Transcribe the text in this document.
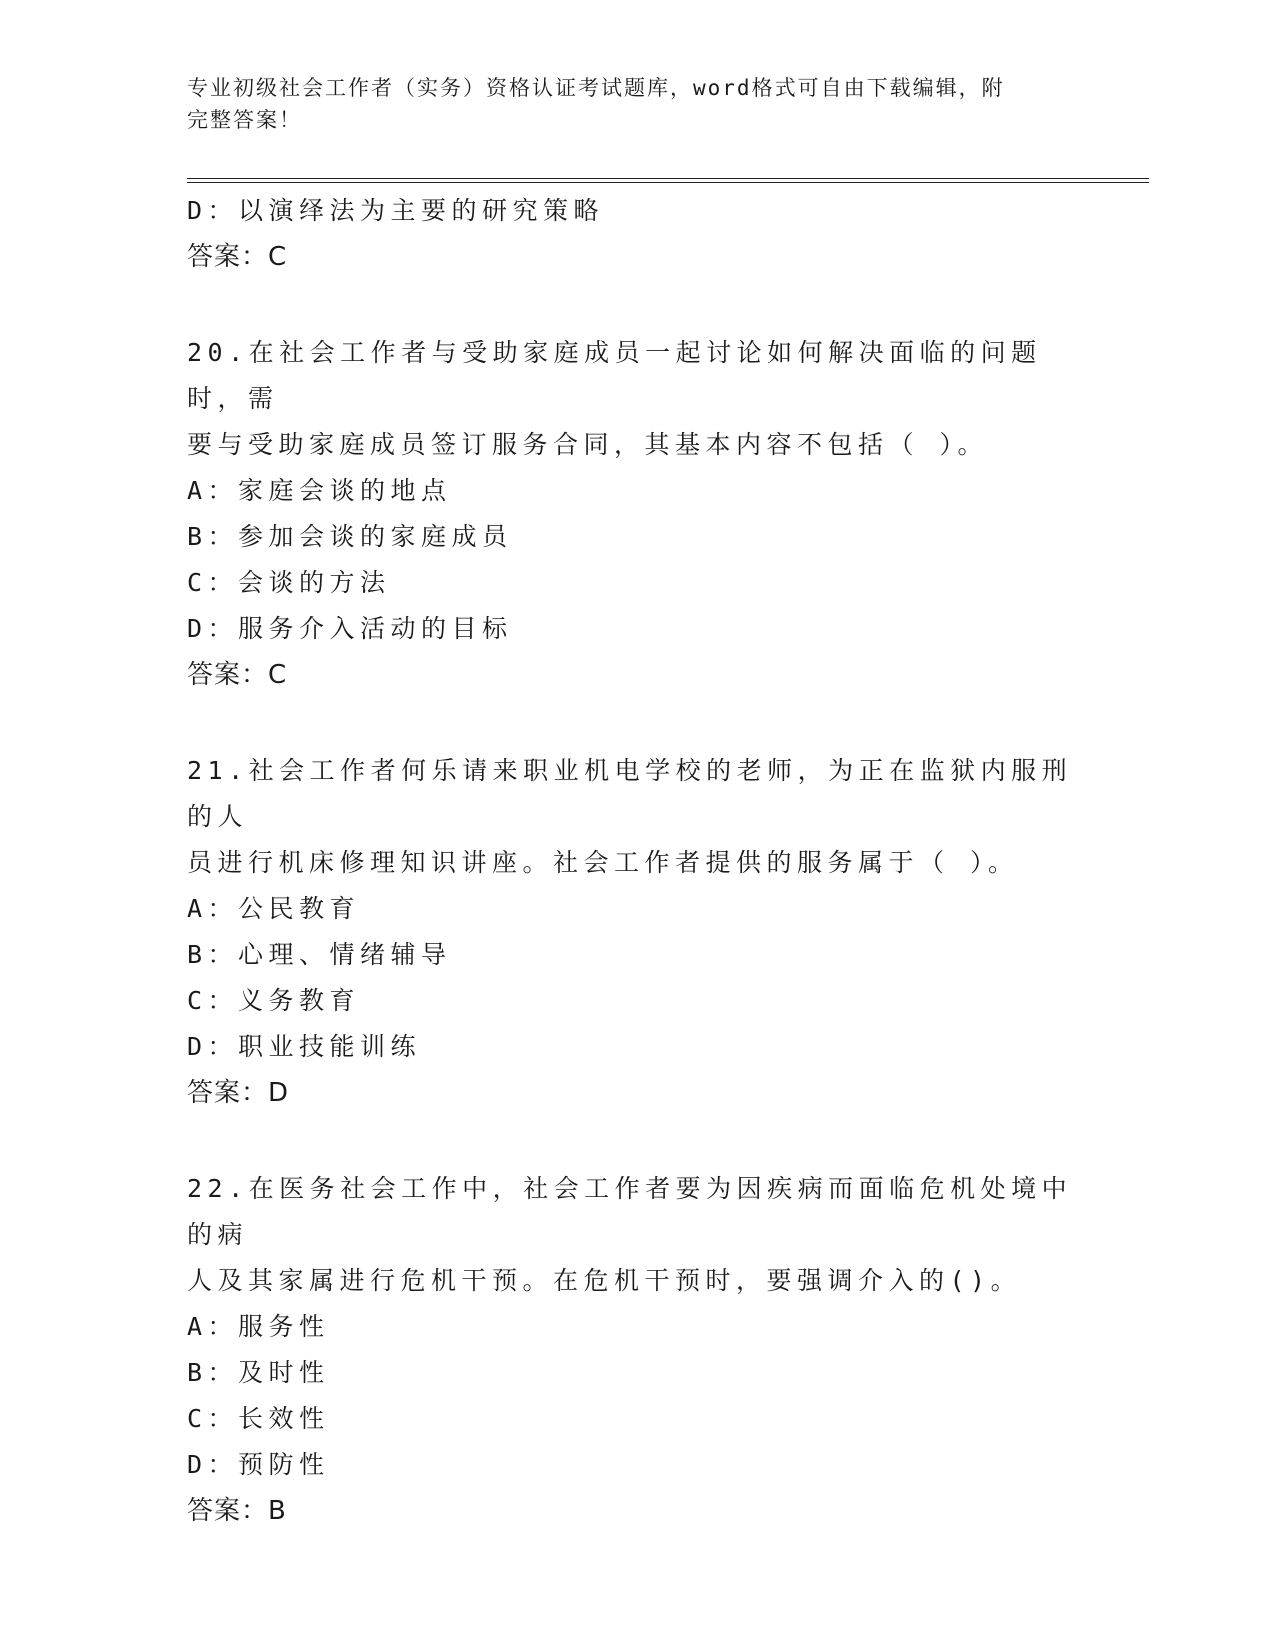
专业初级社会工作者（实务）资格认证考试题库，word格式可自由下载编辑，附
完整答案！
D：以演绎法为主要的研究策略
答案：C
20.在社会工作者与受助家庭成员一起讨论如何解决面临的问题时，需
要与受助家庭成员签订服务合同，其基本内容不包括（ ）。
A：家庭会谈的地点
B：参加会谈的家庭成员
C：会谈的方法
D：服务介入活动的目标
答案：C
21.社会工作者何乐请来职业机电学校的老师，为正在监狱内服刑的人
员进行机床修理知识讲座。社会工作者提供的服务属于（ ）。
A：公民教育
B：心理、情绪辅导
C：义务教育
D：职业技能训练
答案：D
22.在医务社会工作中，社会工作者要为因疾病而面临危机处境中的病
人及其家属进行危机干预。在危机干预时，要强调介入的()。
A：服务性
B：及时性
C：长效性
D：预防性
答案：B
